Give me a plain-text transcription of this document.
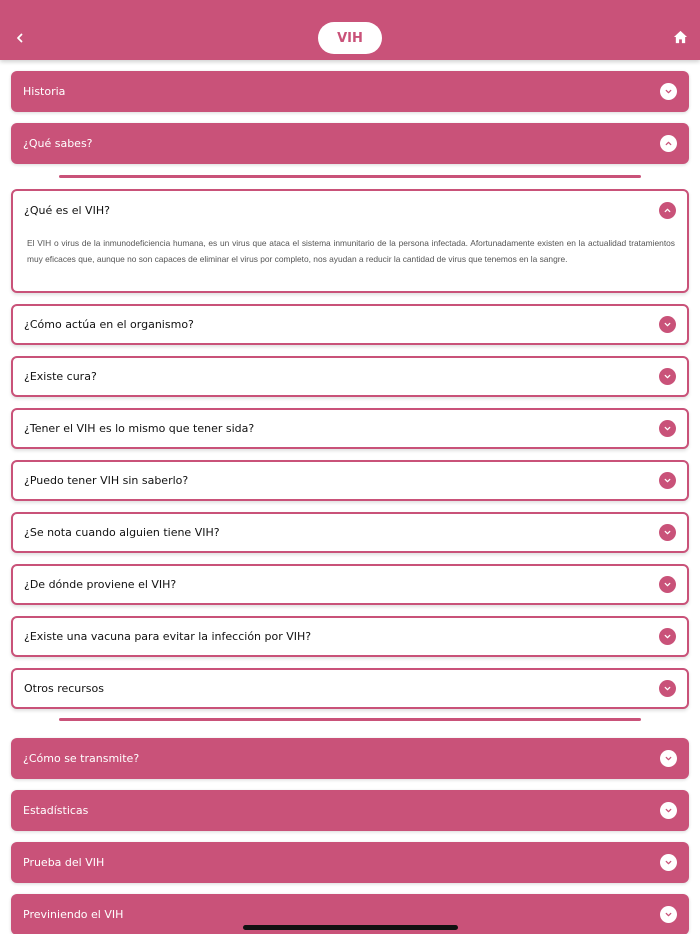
Historia
¿Qué sabes?
¿Qué es el VIH?

El VIH o virus de la inmunodeficiencia humana, es un virus que ataca el sistema inmunitario de la persona infectada. Afortunadamente existen en la actualidad tratamientos muy eficaces que, aunque no son capaces de eliminar el virus por completo, nos ayudan a reducir la cantidad de virus que tenemos en la sangre.

¿Cómo actúa en el organismo?
¿Existe cura?
¿Tener el VIH es lo mismo que tener sida?
¿Puedo tener VIH sin saberlo?
¿Se nota cuando alguien tiene VIH?
¿De dónde proviene el VIH?
¿Existe una vacuna para evitar la infección por VIH?
Otros recursos
¿Cómo se transmite?
Estadísticas
Prueba del VIH
Previniendo el VIH
VIH
